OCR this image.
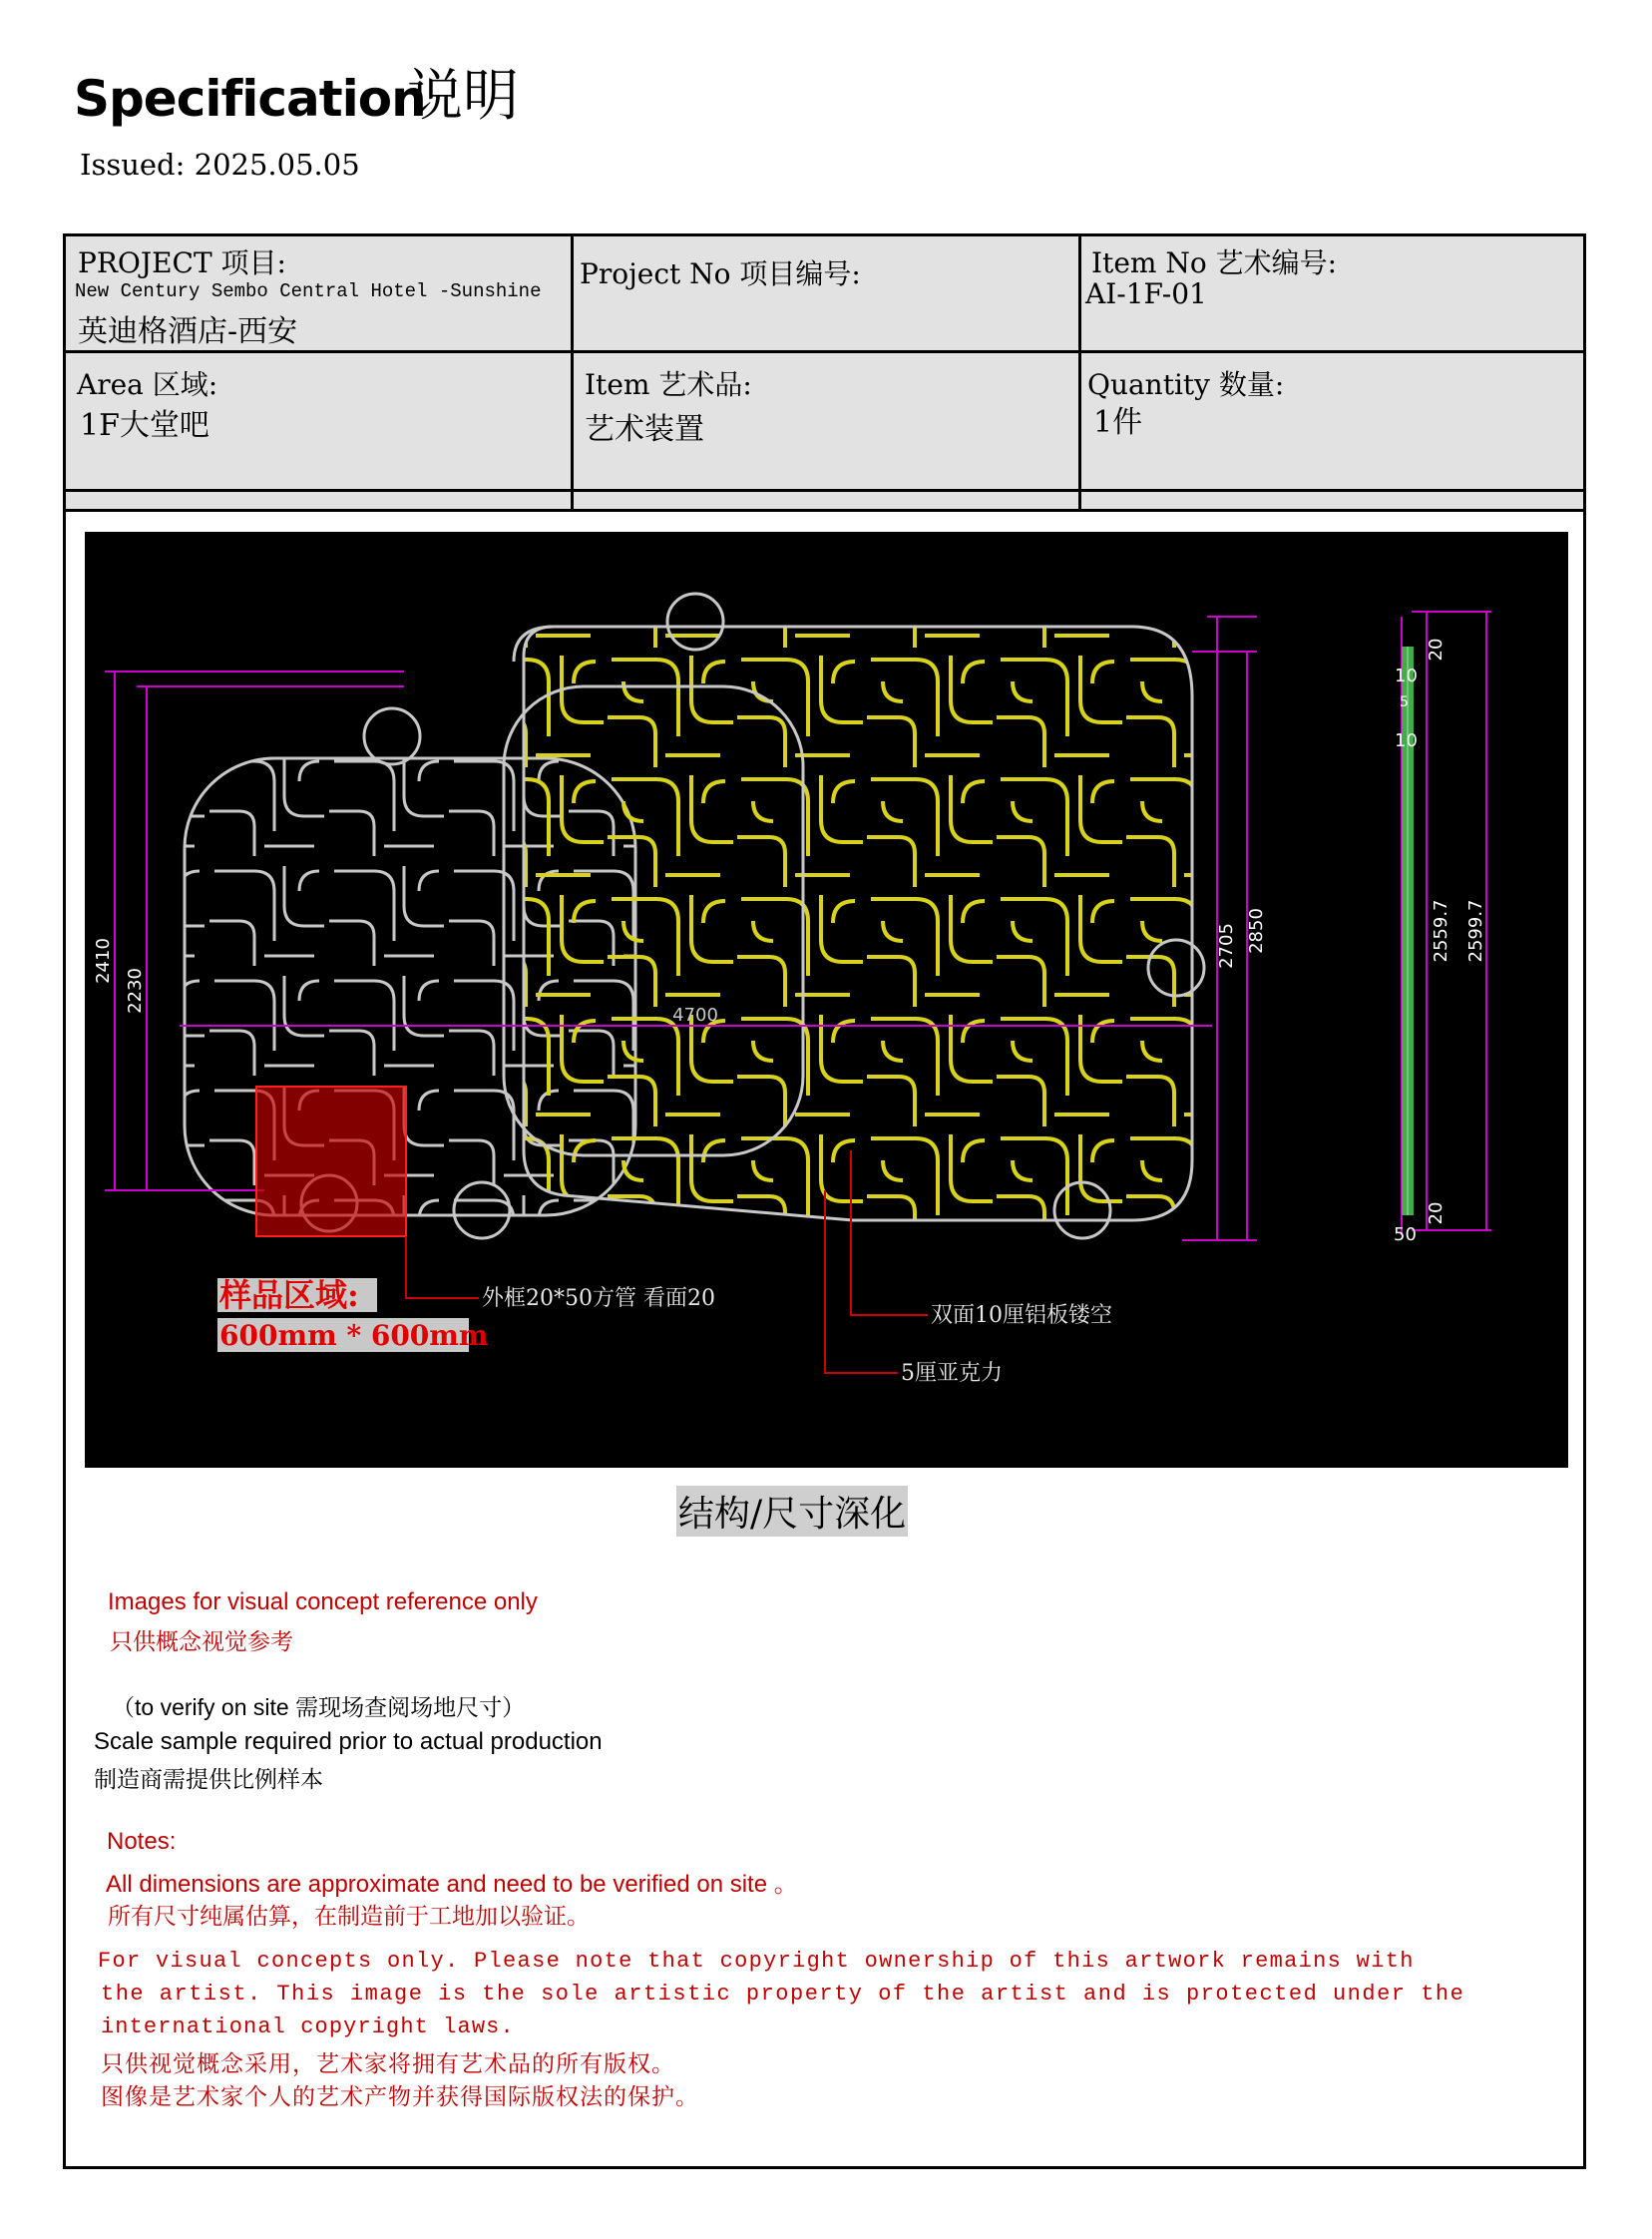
Specification
说明
Issued: 2025.05.05
PROJECT 项目:
New Century Sembo Central Hotel -Sunshine
英迪格酒店-西安
Project No 项目编号:	Item No 艺术编号:
AI-1F-01
Area 区域:
1F大堂吧
Item 艺术品:
艺术装置
Quantity 数量:
1件
2410
2230
4700
2705 2850	2559.7 2599.7
10
5
10
20
20
50
样品区域:
600mm * 600mm
外框20*50方管 看面20
双面10厘铝板镂空
5厘亚克力
结构/尺寸深化
Images for visual concept reference only
只供概念视觉参考
（to verify on site 需现场查阅场地尺寸）
Scale sample required prior to actual production
制造商需提供比例样本
Notes:
All dimensions are approximate and need to be verified on site 。
所有尺寸纯属估算，在制造前于工地加以验证。
For visual concepts only. Please note that copyright ownership of this artwork remains with
the artist. This image is the sole artistic property of the artist and is protected under the
international copyright laws.
只供视觉概念采用，艺术家将拥有艺术品的所有版权。
图像是艺术家个人的艺术产物并获得国际版权法的保护。
